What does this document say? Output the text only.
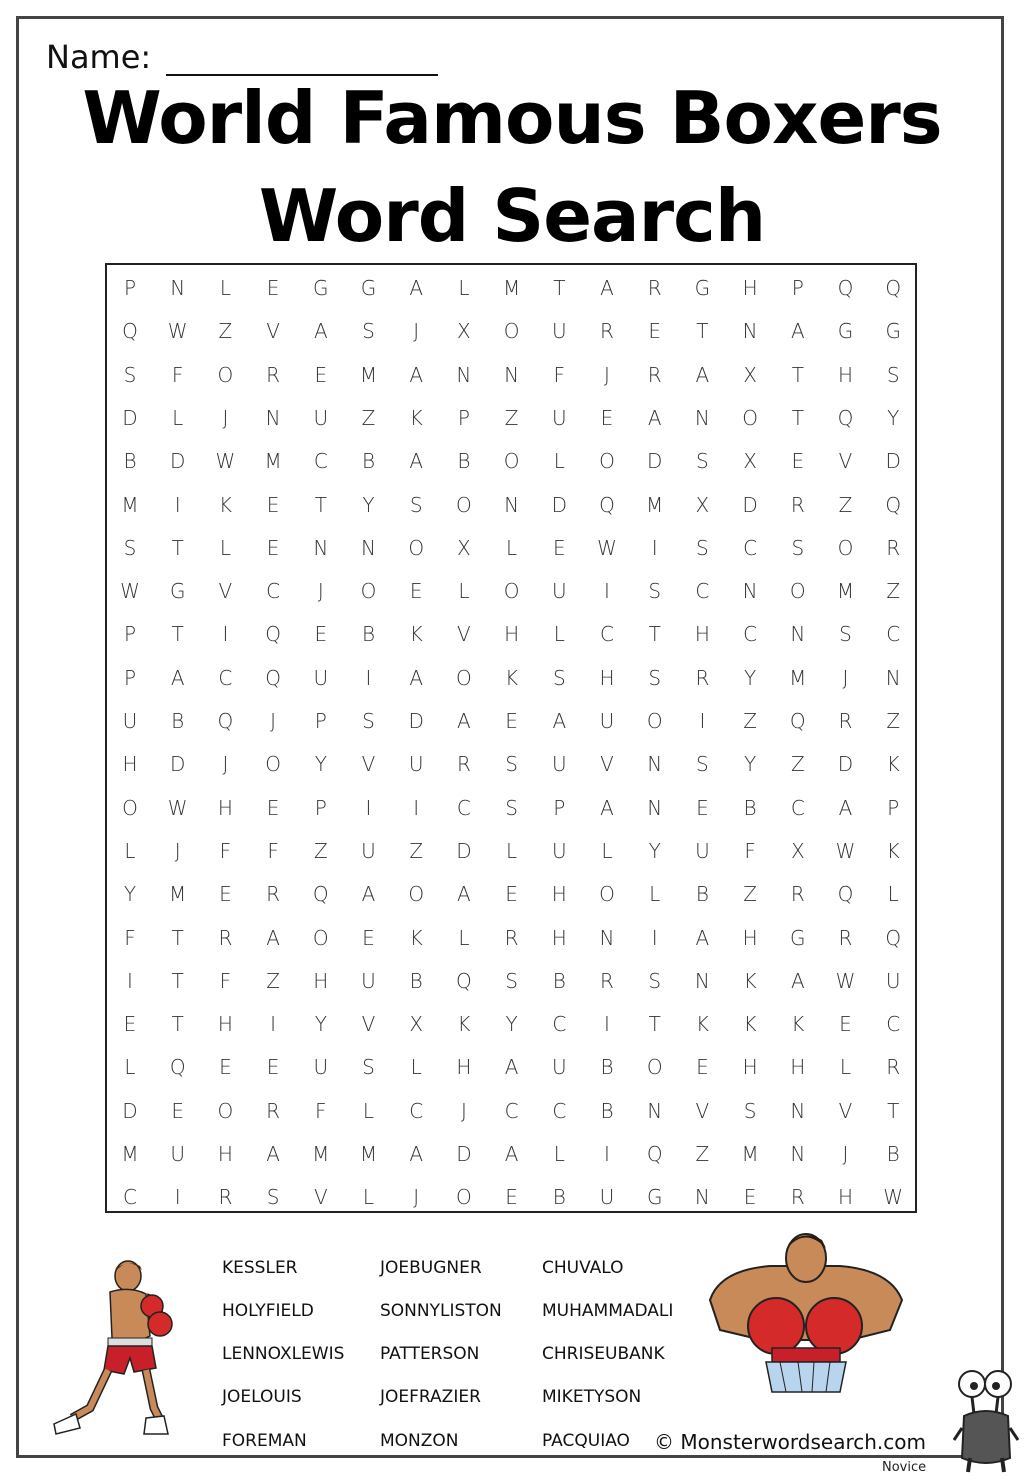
Name:
World Famous Boxers
Word Search
P	N	L	E	G	G	A	L	M	T	A	R	G	H	P	Q	Q
Q	W	Z	V	A	S	J	X	O	U	R	E	T	N	A	G	G
S	F	O	R	E	M	A	N	N	F	J	R	A	X	T	H	S
D	L	J	N	U	Z	K	P	Z	U	E	A	N	O	T	Q	Y
B	D	W	M	C	B	A	B	O	L	O	D	S	X	E	V	D
M	I	K	E	T	Y	S	O	N	D	Q	M	X	D	R	Z	Q
S	T	L	E	N	N	O	X	L	E	W	I	S	C	S	O	R
W	G	V	C	J	O	E	L	O	U	I	S	C	N	O	M	Z
P	T	I	Q	E	B	K	V	H	L	C	T	H	C	N	S	C
P	A	C	Q	U	I	A	O	K	S	H	S	R	Y	M	J	N
U	B	Q	J	P	S	D	A	E	A	U	O	I	Z	Q	R	Z
H	D	J	O	Y	V	U	R	S	U	V	N	S	Y	Z	D	K
O	W	H	E	P	I	I	C	S	P	A	N	E	B	C	A	P
L	J	F	F	Z	U	Z	D	L	U	L	Y	U	F	X	W	K
Y	M	E	R	Q	A	O	A	E	H	O	L	B	Z	R	Q	L
F	T	R	A	O	E	K	L	R	H	N	I	A	H	G	R	Q
I	T	F	Z	H	U	B	Q	S	B	R	S	N	K	A	W	U
E	T	H	I	Y	V	X	K	Y	C	I	T	K	K	K	E	C
L	Q	E	E	U	S	L	H	A	U	B	O	E	H	H	L	R
D	E	O	R	F	L	C	J	C	C	B	N	V	S	N	V	T
M	U	H	A	M	M	A	D	A	L	I	Q	Z	M	N	J	B
C	I	R	S	V	L	J	O	E	B	U	G	N	E	R	H	W
KESSLER
HOLYFIELD
LENNOXLEWIS
JOELOUIS
FOREMAN
JOEBUGNER
SONNYLISTON
PATTERSON
JOEFRAZIER
MONZON
CHUVALO
MUHAMMADALI
CHRISEUBANK
MIKETYSON
PACQUIAO © Monsterwordsearch.com
Novice
